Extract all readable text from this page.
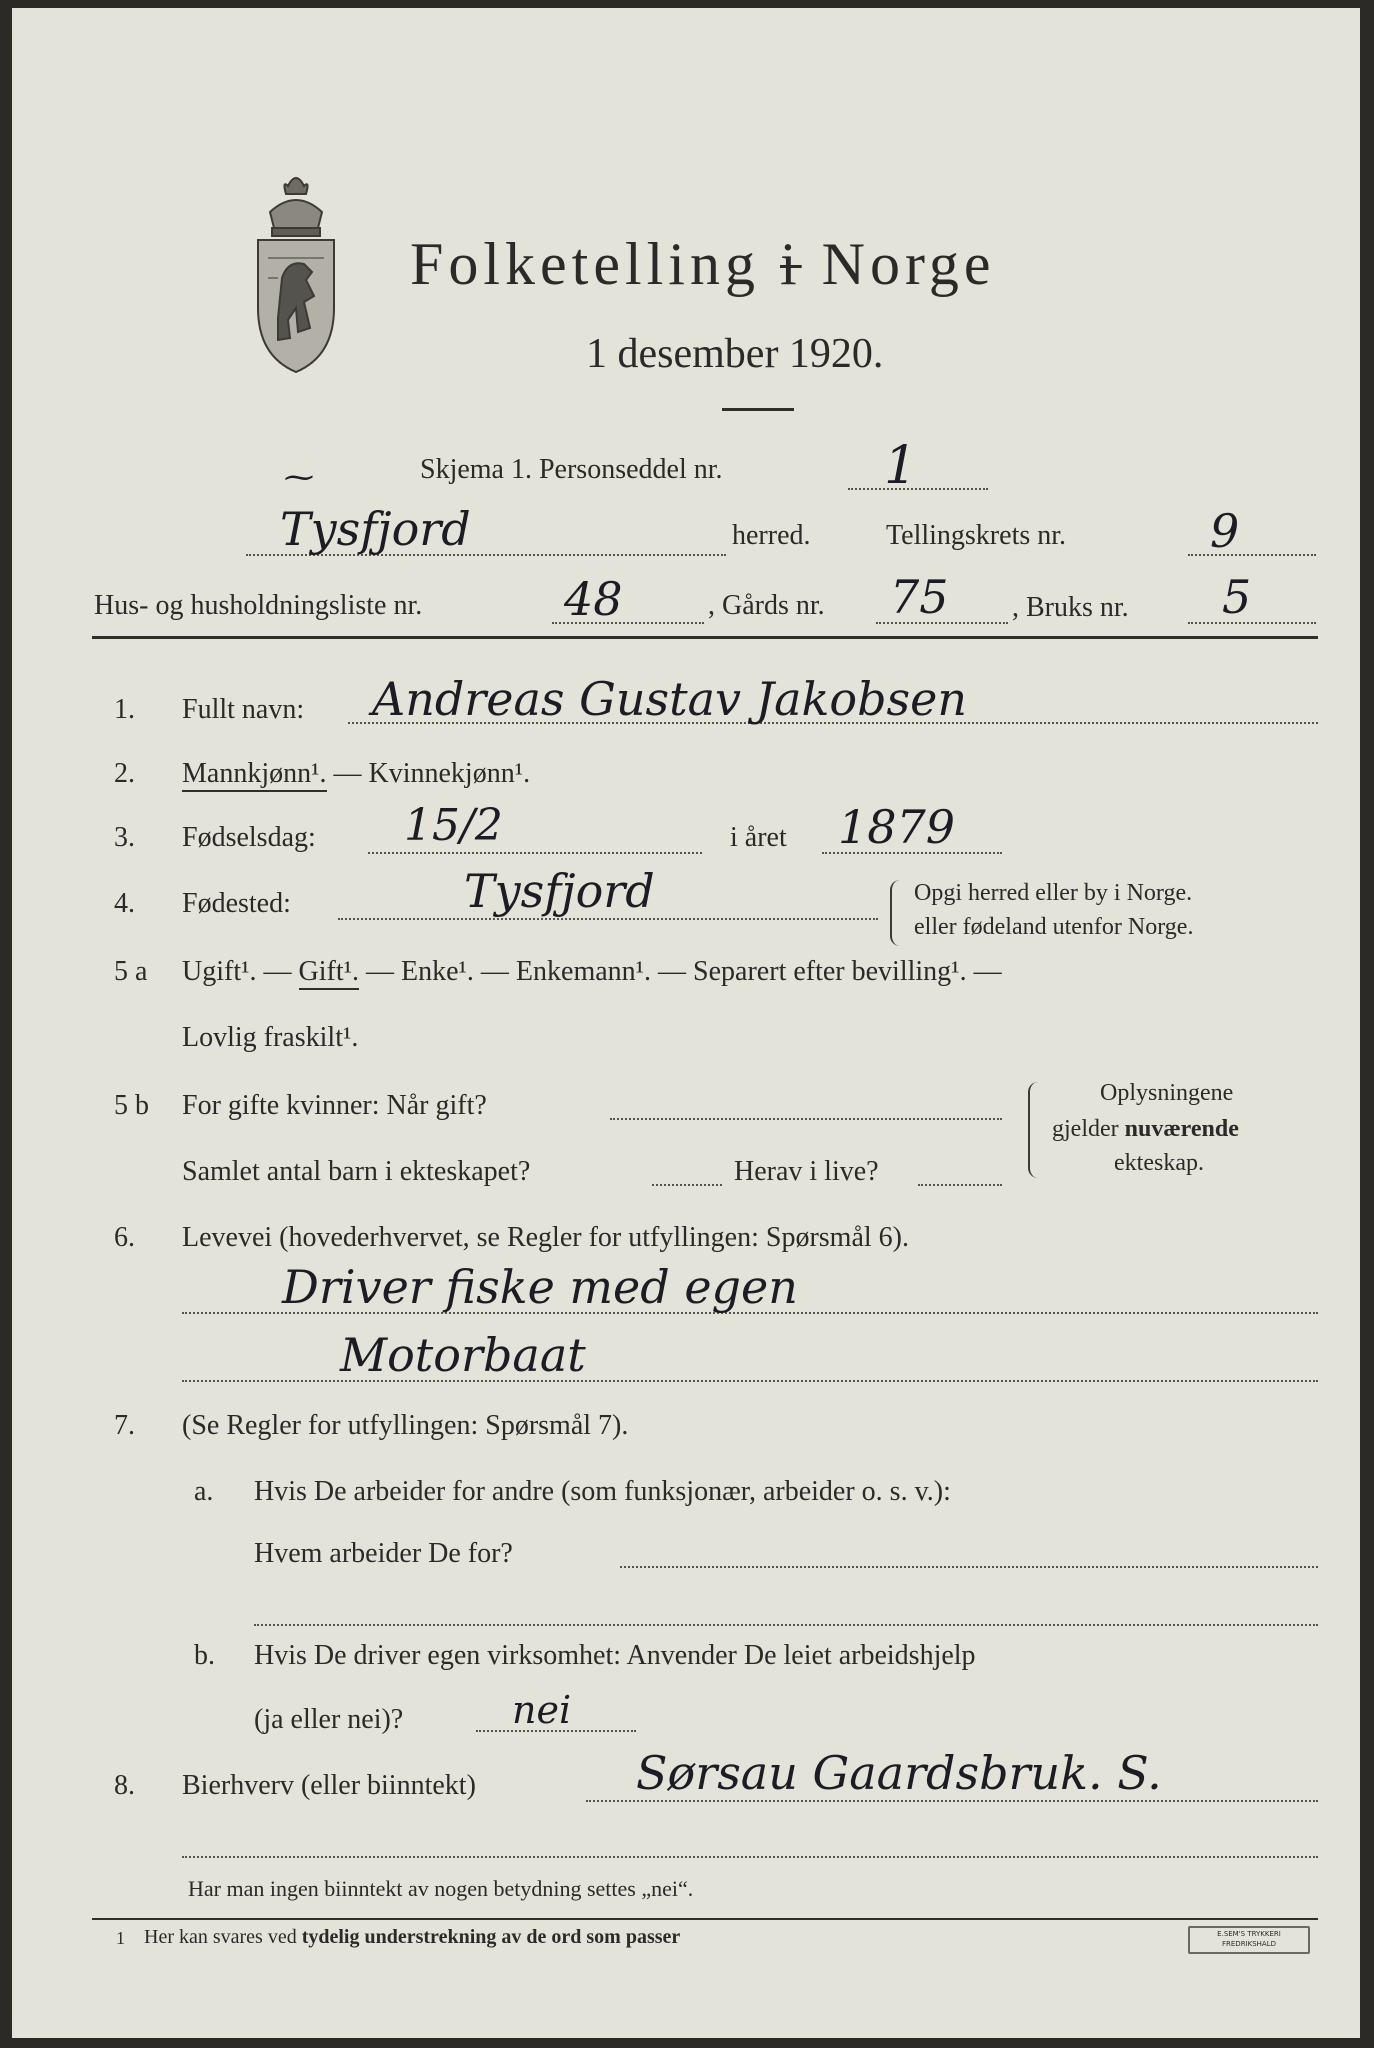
Folketelling i Norge
1 desember 1920.
⁓	Skjema 1. Personseddel nr.	1
Tysfjord	herred.	Tellingskrets nr.	9
Hus- og husholdningsliste nr.	48	, Gårds nr. 75 , Bruks nr. 5
1. Fullt navn: Andreas Gustav Jakobsen
2. Mannkjønn¹. — Kvinnekjønn¹.
3. Fødselsdag: 15/2	i året 1879
4. Fødested:	Tysfjord	Opgi herred eller by i Norge.
eller fødeland utenfor Norge.
5 a Ugift¹. — Gift¹. — Enke¹. — Enkemann¹. — Separert efter bevilling¹. —
Lovlig fraskilt¹.
5 b For gifte kvinner: Når gift?
Samlet antal barn i ekteskapet?	Herav i live?
Oplysningene
gjelder nuværende
ekteskap.
6. Levevei (hovederhvervet, se Regler for utfyllingen: Spørsmål 6).
Driver fiske med egen
Motorbaat
7. (Se Regler for utfyllingen: Spørsmål 7).
a. Hvis De arbeider for andre (som funksjonær, arbeider o. s. v.):
Hvem arbeider De for?
b. Hvis De driver egen virksomhet: Anvender De leiet arbeidshjelp
(ja eller nei)?	nei
8. Bierhverv (eller biinntekt)	Sørsau Gaardsbruk. S.
Har man ingen biinntekt av nogen betydning settes „nei“.
1 Her kan svares ved tydelig understrekning av de ord som passer	E.SEM'S TRYKKERI
FREDRIKSHALD
